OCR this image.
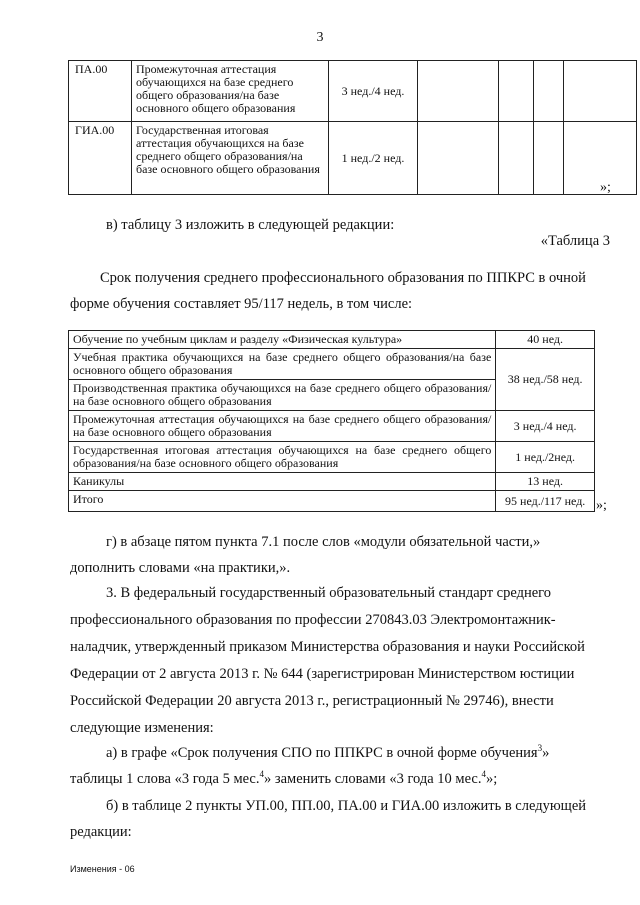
3
ПА.00	Промежуточная аттестация обучающихся на базе среднего общего образования/на базе основного общего образования	3 нед./4 нед.				
ГИА.00	Государственная итоговая аттестация обучающихся на базе среднего общего образования/на базе основного общего образования	1 нед./2 нед.				
»;
в) таблицу 3 изложить в следующей редакции:
«Таблица 3
Срок получения среднего профессионального образования по ППКРС в очной
форме обучения составляет 95/117 недель, в том числе:
Обучение по учебным циклам и разделу «Физическая культура»	40 нед.
Учебная практика обучающихся на базе среднего общего образования/на базе основного общего образования	38 нед./58 нед.
Производственная практика обучающихся на базе среднего общего образования/на базе основного общего образования	
Промежуточная аттестация обучающихся на базе среднего общего образования/на базе основного общего образования	3 нед./4 нед.
Государственная итоговая аттестация обучающихся на базе среднего общего образования/на базе основного общего образования	1 нед./2нед.
Каникулы	13 нед.
Итого	95 нед./117 нед. »;
г) в абзаце пятом пункта 7.1 после слов «модули обязательной части,»
дополнить словами «на практики,».
3. В федеральный государственный образовательный стандарт среднего
профессионального образования по профессии 270843.03 Электромонтажник-
наладчик, утвержденный приказом Министерства образования и науки Российской
Федерации от 2 августа 2013 г. № 644 (зарегистрирован Министерством юстиции
Российской Федерации 20 августа 2013 г., регистрационный № 29746), внести
следующие изменения:
а) в графе «Срок получения СПО по ППКРС в очной форме обучения$^3$»
таблицы 1 слова «3 года 5 мес.$^4$» заменить словами «3 года 10 мес.$^4$»;
б) в таблице 2 пункты УП.00, ПП.00, ПА.00 и ГИА.00 изложить в следующей
редакции:
Изменения - 06
